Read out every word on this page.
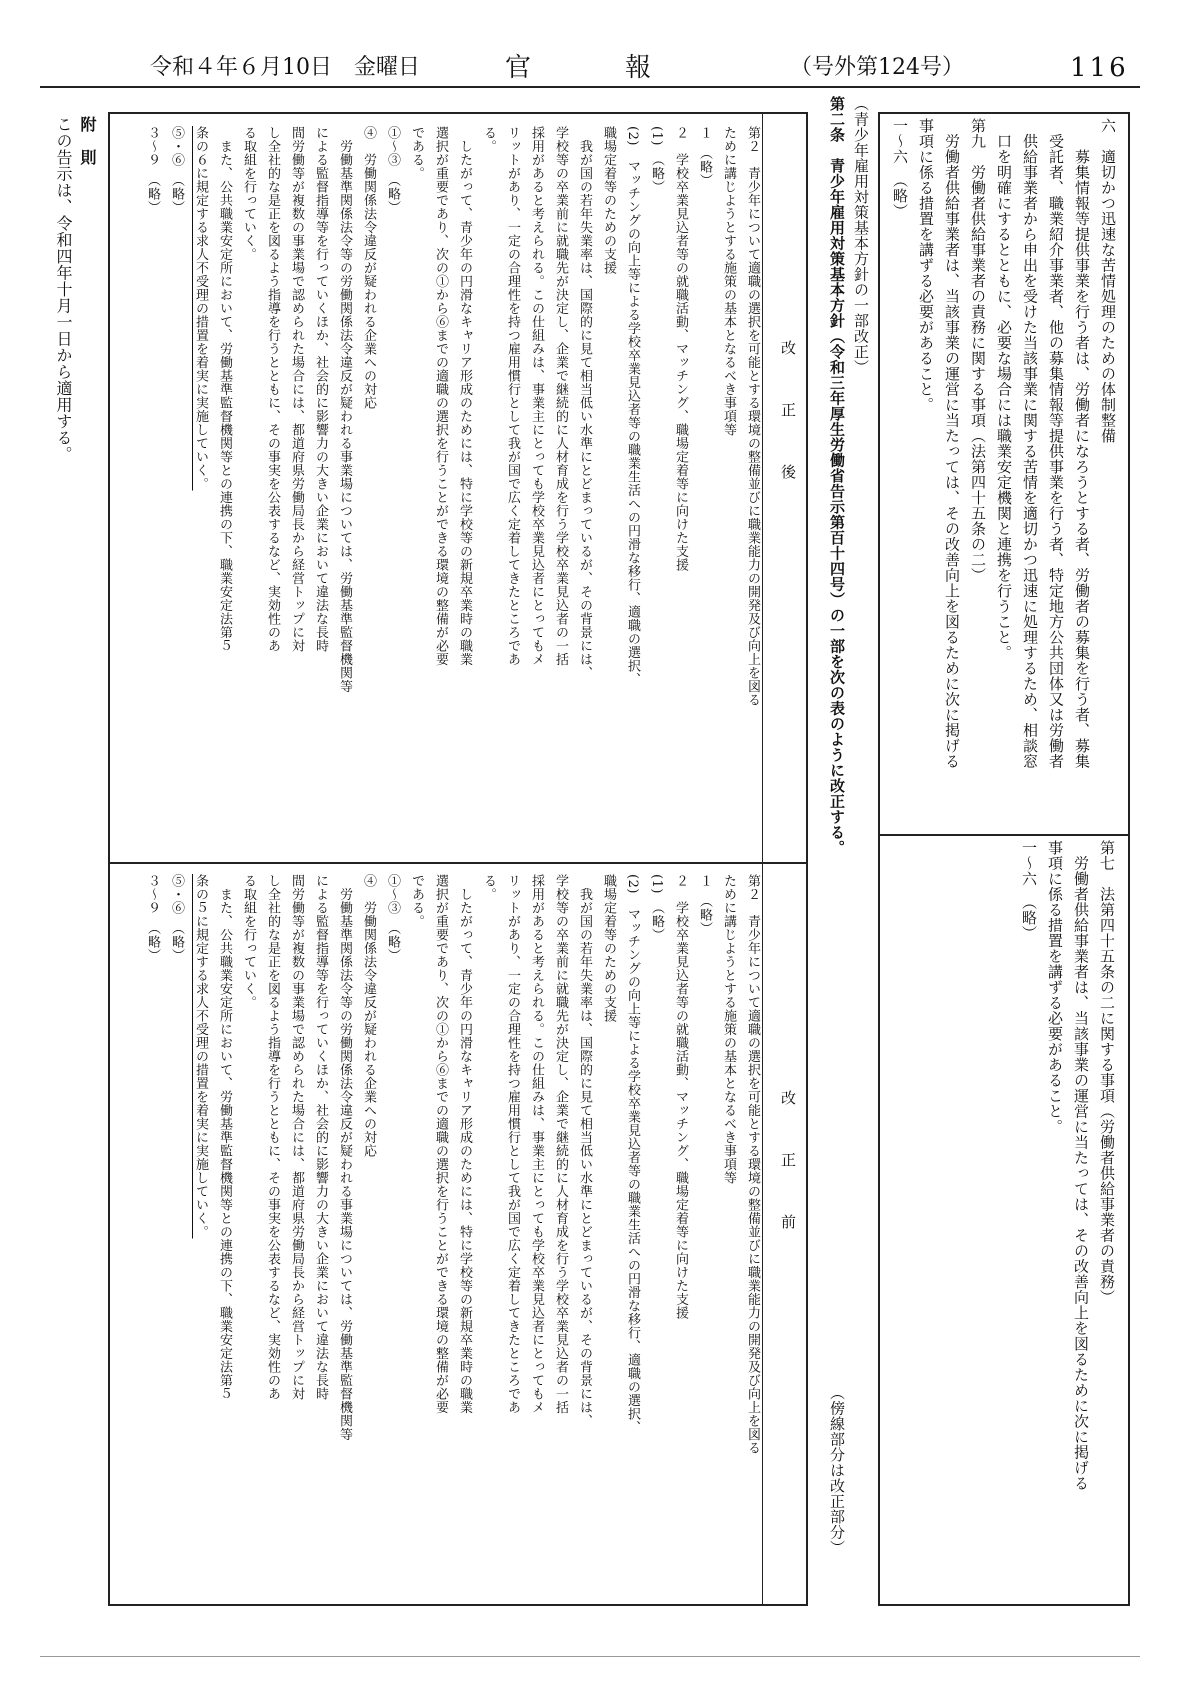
令和４年６月10日　金曜日	官　　　報	（号外第124号）	116
六　適切かつ迅速な苦情処理のための体制整備
　　募集情報等提供事業を行う者は、労働者になろうとする者、労働者の募集を行う者、募集
　受託者、職業紹介事業者、他の募集情報等提供事業を行う者、特定地方公共団体又は労働者
　供給事業者から申出を受けた当該事業に関する苦情を適切かつ迅速に処理するため、相談窓
　口を明確にするとともに、必要な場合には職業安定機関と連携を行うこと。
第九　労働者供給事業者の責務に関する事項（法第四十五条の二）
　労働者供給事業者は、当該事業の運営に当たっては、その改善向上を図るために次に掲げる
事項に係る措置を講ずる必要があること。
一～六　（略）
第七　法第四十五条の二に関する事項（労働者供給事業者の責務）
　労働者供給事業者は、当該事業の運営に当たっては、その改善向上を図るために次に掲げる
事項に係る措置を講ずる必要があること。
一～六　（略）
（青少年雇用対策基本方針の一部改正）
第二条　青少年雇用対策基本方針（令和三年厚生労働省告示第百十四号）の一部を次の表のように改正する。
（傍線部分は改正部分）
改　　　正　　　後
改　　　正　　　前
第２　青少年について適職の選択を可能とする環境の整備並びに職業能力の開発及び向上を図る
ために講じようとする施策の基本となるべき事項等
１　（略）
２　学校卒業見込者等の就職活動、マッチング、職場定着等に向けた支援
(1)　（略）
(2)　マッチングの向上等による学校卒業見込者等の職業生活への円滑な移行、適職の選択、
職場定着等のための支援
　我が国の若年失業率は、国際的に見て相当低い水準にとどまっているが、その背景には、
学校等の卒業前に就職先が決定し、企業で継続的に人材育成を行う学校卒業見込者の一括
採用があると考えられる。この仕組みは、事業主にとっても学校卒業見込者にとってもメ
リットがあり、一定の合理性を持つ雇用慣行として我が国で広く定着してきたところであ
る。
　したがって、青少年の円滑なキャリア形成のためには、特に学校等の新規卒業時の職業
選択が重要であり、次の①から⑥までの適職の選択を行うことができる環境の整備が必要
である。
①～③　（略）
④　労働関係法令違反が疑われる企業への対応
　労働基準関係法令等の労働関係法令違反が疑われる事業場については、労働基準監督機関等
による監督指導等を行っていくほか、社会的に影響力の大きい企業において違法な長時
間労働等が複数の事業場で認められた場合には、都道府県労働局長から経営トップに対
し全社的な是正を図るよう指導を行うとともに、その事実を公表するなど、実効性のあ
る取組を行っていく。
　また、公共職業安定所において、労働基準監督機関等との連携の下、職業安定法第５
条の６に規定する求人不受理の措置を着実に実施していく。
⑤・⑥　（略）
３～９　（略）
第２　青少年について適職の選択を可能とする環境の整備並びに職業能力の開発及び向上を図る
ために講じようとする施策の基本となるべき事項等
１　（略）
２　学校卒業見込者等の就職活動、マッチング、職場定着等に向けた支援
(1)　（略）
(2)　マッチングの向上等による学校卒業見込者等の職業生活への円滑な移行、適職の選択、
職場定着等のための支援
　我が国の若年失業率は、国際的に見て相当低い水準にとどまっているが、その背景には、
学校等の卒業前に就職先が決定し、企業で継続的に人材育成を行う学校卒業見込者の一括
採用があると考えられる。この仕組みは、事業主にとっても学校卒業見込者にとってもメ
リットがあり、一定の合理性を持つ雇用慣行として我が国で広く定着してきたところであ
る。
　したがって、青少年の円滑なキャリア形成のためには、特に学校等の新規卒業時の職業
選択が重要であり、次の①から⑥までの適職の選択を行うことができる環境の整備が必要
である。
①～③　（略）
④　労働関係法令違反が疑われる企業への対応
　労働基準関係法令等の労働関係法令違反が疑われる事業場については、労働基準監督機関等
による監督指導等を行っていくほか、社会的に影響力の大きい企業において違法な長時
間労働等が複数の事業場で認められた場合には、都道府県労働局長から経営トップに対
し全社的な是正を図るよう指導を行うとともに、その事実を公表するなど、実効性のあ
る取組を行っていく。
　また、公共職業安定所において、労働基準監督機関等との連携の下、職業安定法第５
条の５に規定する求人不受理の措置を着実に実施していく。
⑤・⑥　（略）
３～９　（略）
附　則
この告示は、令和四年十月一日から適用する。
